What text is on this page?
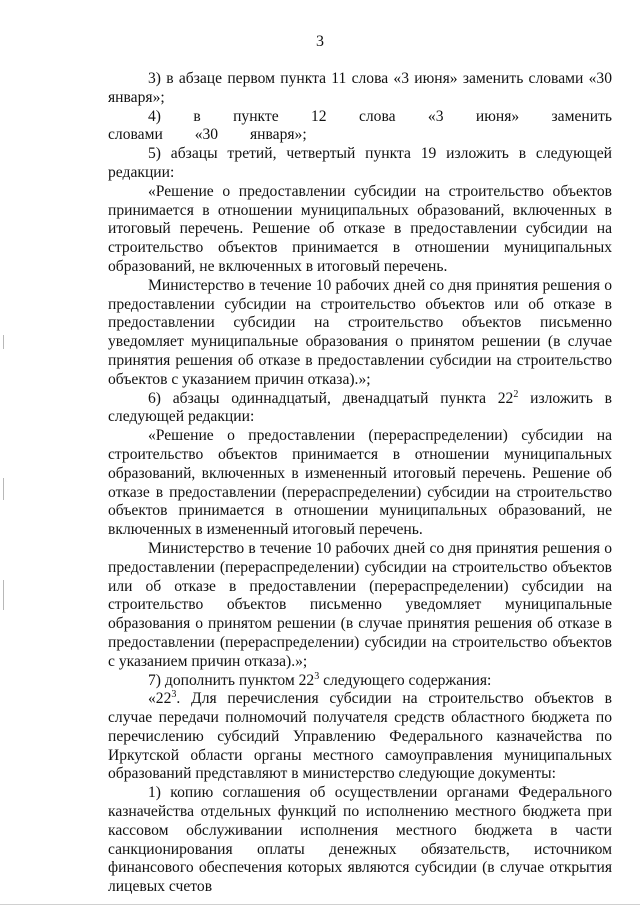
3

3) в абзаце первом пункта 11 слова «3 июня» заменить словами «30 января»;

4) в пункте 12 слова «3 июня» заменить словами «30 января»;

5) абзацы третий, четвертый пункта 19 изложить в следующей редакции:

«Решение о предоставлении субсидии на строительство объектов принимается в отношении муниципальных образований, включенных в итоговый перечень. Решение об отказе в предоставлении субсидии на строительство объектов принимается в отношении муниципальных образований, не включенных в итоговый перечень.

Министерство в течение 10 рабочих дней со дня принятия решения о предоставлении субсидии на строительство объектов или об отказе в предоставлении субсидии на строительство объектов письменно уведомляет муниципальные образования о принятом решении (в случае принятия решения об отказе в предоставлении субсидии на строительство объектов с указанием причин отказа).»;

6) абзацы одиннадцатый, двенадцатый пункта $22^2$ изложить в следующей редакции:

«Решение о предоставлении (перераспределении) субсидии на строительство объектов принимается в отношении муниципальных образований, включенных в измененный итоговый перечень. Решение об отказе в предоставлении (перераспределении) субсидии на строительство объектов принимается в отношении муниципальных образований, не включенных в измененный итоговый перечень.

Министерство в течение 10 рабочих дней со дня принятия решения о предоставлении (перераспределении) субсидии на строительство объектов или об отказе в предоставлении (перераспределении) субсидии на строительство объектов письменно уведомляет муниципальные образования о принятом решении (в случае принятия решения об отказе в предоставлении (перераспределении) субсидии на строительство объектов с указанием причин отказа).»;

7) дополнить пунктом $22^3$ следующего содержания:

«$22^3$. Для перечисления субсидии на строительство объектов в случае передачи полномочий получателя средств областного бюджета по перечислению субсидий Управлению Федерального казначейства по Иркутской области органы местного самоуправления муниципальных образований представляют в министерство следующие документы:

1) копию соглашения об осуществлении органами Федерального казначейства отдельных функций по исполнению местного бюджета при кассовом обслуживании исполнения местного бюджета в части санкционирования оплаты денежных обязательств, источником финансового обеспечения которых являются субсидии (в случае открытия лицевых счетов
